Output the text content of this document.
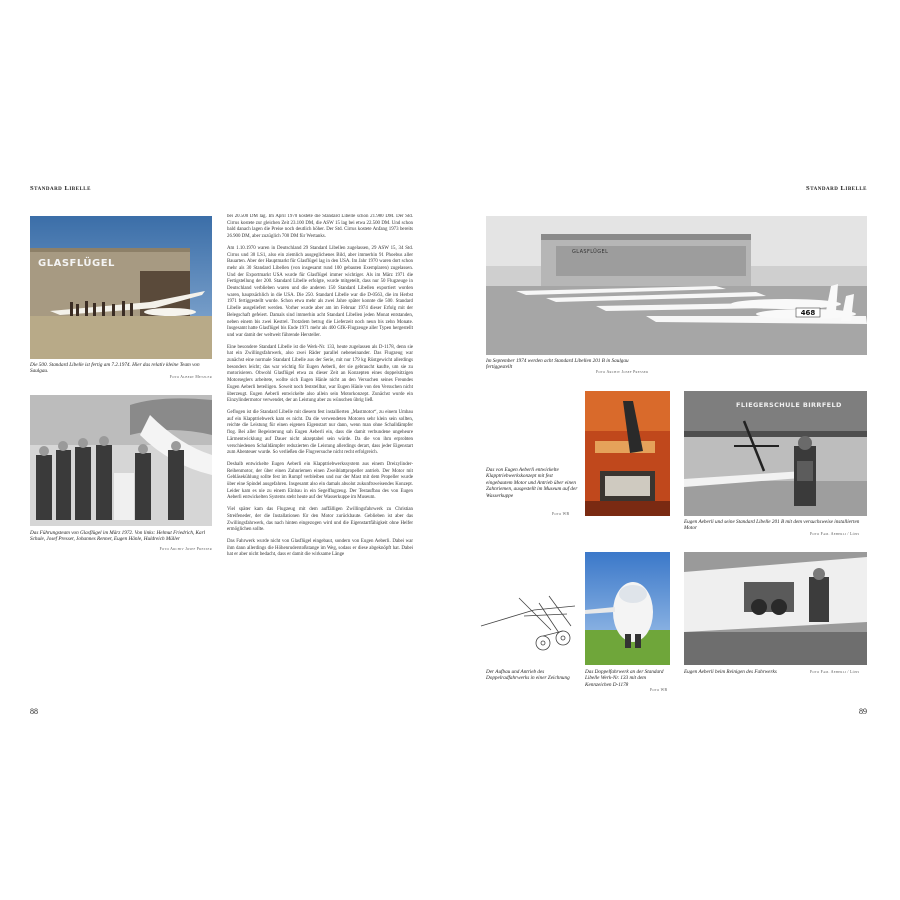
Standard Libelle	Standard Libelle
GLASFLÜGEL
Die 500. Standard Libelle ist fertig am 7.2.1974. Hier das relativ kleine Team von Saulgau.
Foto Albert Metzler
Das Führungsteam von Glasflügel im März 1972. Von links: Helmut Friedrich, Karl Schule, Josef Presser, Johannes Renner, Eugen Hänle, Huldreich Müller
Foto Archiv Josef Presser

bei 20.500 DM lag. Im April 1970 kostete die Standard Libelle schon 21.980 DM. Der Std. Cirrus kostete zur gleichen Zeit 23.100 DM, die ASW 15 lag bei etwa 22.500 DM. Und schon bald danach lagen die Preise noch deutlich höher. Der Std. Cirrus kostete Anfang 1973 bereits 26.900 DM, aber zuzüglich 700 DM für Wertanks.

Am 1.10.1970 waren in Deutschland 29 Standard Libellen zugelassen, 29 ASW 15, 34 Std. Cirrus und 30 LS1, also ein ziemlich ausgeglichenes Bild, aber immerhin 91 Phoebus aller Bauarten. Aber der Hauptmarkt für Glasflügel lag in den USA. Im Jahr 1970 waren dort schon mehr als 30 Standard Libellen (von insgesamt rund 100 gebauten Exemplaren) zugelassen. Und der Exportmarkt USA wurde für Glasflügel immer wichtiger. Als im März 1971 die Fertigstellung der 200. Standard Libelle erfolgte, wurde mitgeteilt, dass nur 50 Flugzeuge in Deutschland verblieben waren und die anderen 150 Standard Libellen exportiert worden waren, hauptsächlich in die USA. Die 250. Standard Libelle war die D-0563, die im Herbst 1971 fertiggestellt wurde. Schon etwa mehr als zwei Jahre später konnte die 500. Standard Libelle ausgeliefert werden. Vorher wurde aber am im Februar 1974 dieser Erfolg mit der Belegschaft gefeiert. Damals sind immerhin acht Standard Libellen jeden Monat entstanden, neben einem bis zwei Kestrel. Trotzdem betrug die Lieferzeit noch neun bis zehn Monate. Insgesamt hatte Glasflügel bis Ende 1971 mehr als 400 GfK-Flugzeuge aller Typen hergestellt und war damit der weltweit führende Hersteller.

Eine besondere Standard Libelle ist die Werk-Nr. 133, heute zugelassen als D-1178, denn sie hat ein Zwillingsfahrwerk, also zwei Räder parallel nebeneinander. Das Flugzeug war zunächst eine normale Standard Libelle aus der Serie, mit nur 179 kg Rüstgewicht allerdings besonders leicht; das war wichtig für Eugen Aeberli, der sie gebraucht kaufte, um sie zu motorisieren. Obwohl Glasflügel etwa zu dieser Zeit an Konzepten eines doppelsitzigen Motorseglers arbeitete, wollte sich Eugen Hänle nicht an den Versuchen seines Freundes Eugen Aeberli beteiligen. Soweit noch feststellbar, war Eugen Hänle von den Versuchen nicht überzeugt. Eugen Aeberli entwickelte also allein sein Motorkonzept. Zunächst wurde ein Einzylindermotor verwendet, der an Leistung aber zu wünschen übrig ließ.

Geflogen ist die Standard Libelle mit diesem fest installierten „Mastmotor“, zu einem Umbau auf ein Klapptriebwerk kam es nicht. Da die verwendeten Motoren sehr klein sein sollten, reichte die Leistung für einen eigenen Eigenstart nur dann, wenn man ohne Schalldämpfer flog. Bei aller Begeisterung sah Eugen Aeberli ein, dass die damit verbundene ungeheure Lärmentwicklung auf Dauer nicht akzeptabel sein würde. Da die von ihm erprobten verschiedenen Schalldämpfer reduzierten die Leistung allerdings derart, dass jeder Eigenstart zum Abenteuer wurde. So verließen die Flugversuche nicht recht erfolgreich.

Deshalb entwickelte Eugen Aeberli ein Klapptriebwerkssystem aus einem Dreizylinder-Reihenmotor, der über einen Zahnriemen einen Zweiblattpropeller antrieb. Der Motor mit Gebläsekühlung sollte fest im Rumpf verbleiben und nur der Mast mit dem Propeller wurde über eine Spindel ausgefahren. Insgesamt also ein damals absolut zukunftsweisendes Konzept. Leider kam es nie zu einem Einbau in ein Segelflugzeug. Der Testaufbau des von Eugen Aeberli entwickelten Systems steht heute auf der Wasserkuppe im Museum.

Viel später kam das Flugzeug mit dem auffälligen Zwillingsfahrwerk zu Christian Streifeneder, der die Installationen für den Motor zurückbaute. Geblieben ist aber das Zwillingsfahrwerk, das nach hinten eingezogen wird und die Eigenstartfähigkeit ohne Helfer ermöglichen sollte.

Das Fahrwerk wurde nicht von Glasflügel eingebaut, sondern von Eugen Aeberli. Dabei war ihm dann allerdings die Höhenruderstoßstange im Weg, sodass er diese abgeknöpft hat. Dabei hat er aber nicht bedacht, dass er damit die wirksame Länge

88
468
GLASFLÜGEL
Im September 1974 werden acht Standard Libellen 201 B in Saulgau fertiggestellt
Foto Archiv Josef Presser
Das von Eugen Aeberli entwickelte Klapptriebwerkskonzept mit fest eingebautem Motor und Antrieb über einen Zahnriemen, ausgestellt im Museum auf der Wasserkuppe
Foto WB
FLIEGERSCHULE BIRRFELD
Eugen Aeberli und seine Standard Libelle 201 B mit dem versuchsweise installierten Motor
Foto Fam. Aeberli / Löns
Der Aufbau und Antrieb des Doppelradfahrwerks in einer Zeichnung
Das Doppelfahrwerk an der Standard Libelle Werk-Nr. 133 mit dem Kennzeichen D-1178
Foto WB
Eugen Aeberli beim Reinigen des Fahrwerks	Foto Fam. Aeberli / Löns
89
